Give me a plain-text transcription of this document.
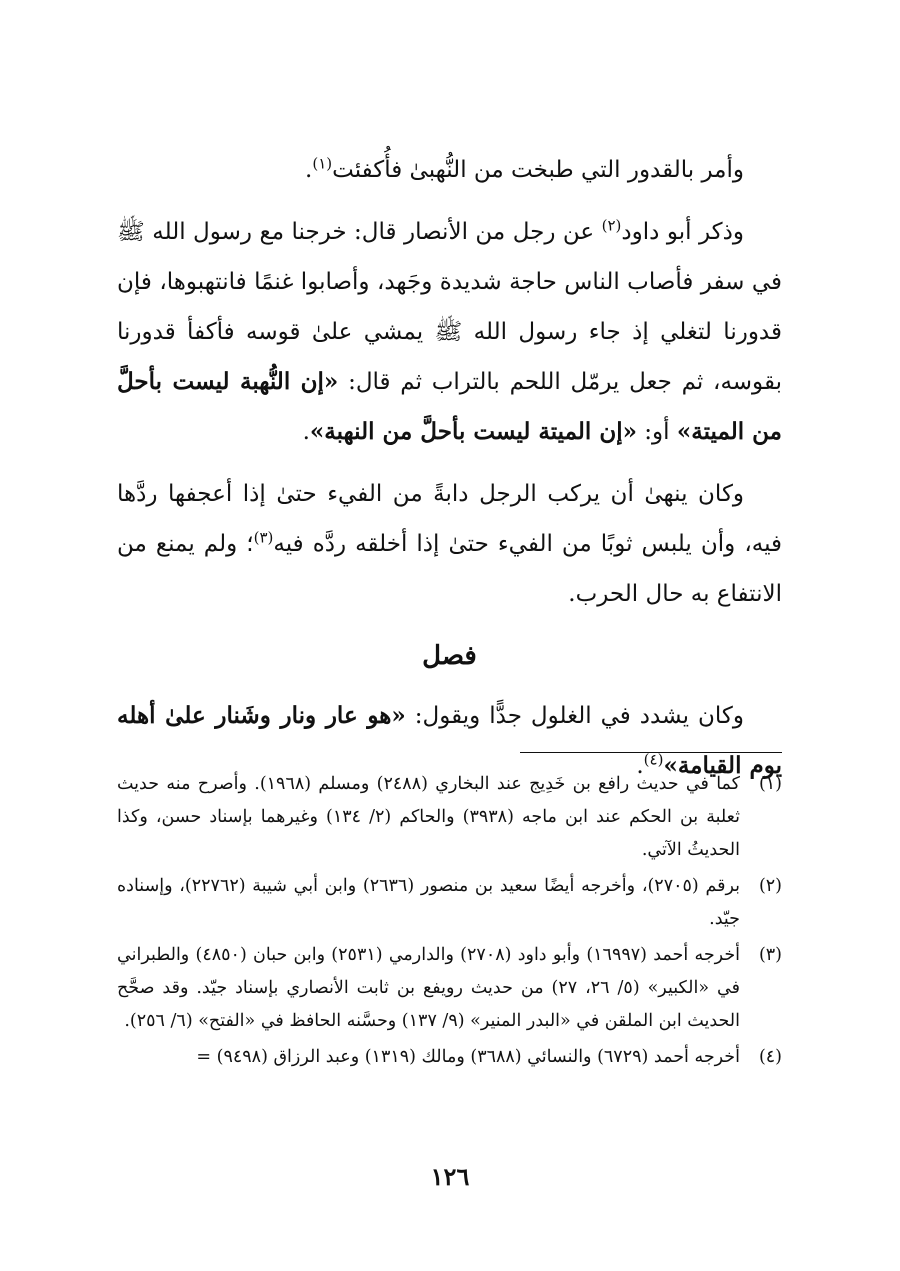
وأمر بالقدور التي طبخت من النُّهبىٰ فأُكفئت$^{(١)}$.

وذكر أبو داود$^{(٢)}$ عن رجل من الأنصار قال: خرجنا مع رسول الله ﷺ في سفر فأصاب الناس حاجة شديدة وجَهد، وأصابوا غنمًا فانتهبوها، فإن قدورنا لتغلي إذ جاء رسول الله ﷺ يمشي علىٰ قوسه فأكفأ قدورنا بقوسه، ثم جعل يرمّل اللحم بالتراب ثم قال: «إن النُّهبة ليست بأحلَّ من الميتة» أو: «إن الميتة ليست بأحلَّ من النهبة».

وكان ينهىٰ أن يركب الرجل دابةً من الفيء حتىٰ إذا أعجفها ردَّها فيه، وأن يلبس ثوبًا من الفيء حتىٰ إذا أخلقه ردَّه فيه$^{(٣)}$؛ ولم يمنع من الانتفاع به حال الحرب.

فصل

وكان يشدد في الغلول جدًّا ويقول: «هو عار ونار وشَنار علىٰ أهله يوم القيامة»$^{(٤)}$.

(١)
كما في حديث رافع بن خَدِيج عند البخاري (٢٤٨٨) ومسلم (١٩٦٨). وأصرح منه حديث ثعلبة بن الحكم عند ابن ماجه (٣٩٣٨) والحاكم (٢/ ١٣٤) وغيرهما بإسناد حسن، وكذا الحديثُ الآتي.
(٢)
برقم (٢٧٠٥)، وأخرجه أيضًا سعيد بن منصور (٢٦٣٦) وابن أبي شيبة (٢٢٧٦٢)، وإسناده جيّد.
(٣)
أخرجه أحمد (١٦٩٩٧) وأبو داود (٢٧٠٨) والدارمي (٢٥٣١) وابن حبان (٤٨٥٠) والطبراني في «الكبير» (٥/ ٢٦، ٢٧) من حديث رويفع بن ثابت الأنصاري بإسناد جيّد. وقد صحَّح الحديث ابن الملقن في «البدر المنير» (٩/ ١٣٧) وحسَّنه الحافظ في «الفتح» (٦/ ٢٥٦).
(٤)
أخرجه أحمد (٦٧٢٩) والنسائي (٣٦٨٨) ومالك (١٣١٩) وعبد الرزاق (٩٤٩٨) =
١٢٦
